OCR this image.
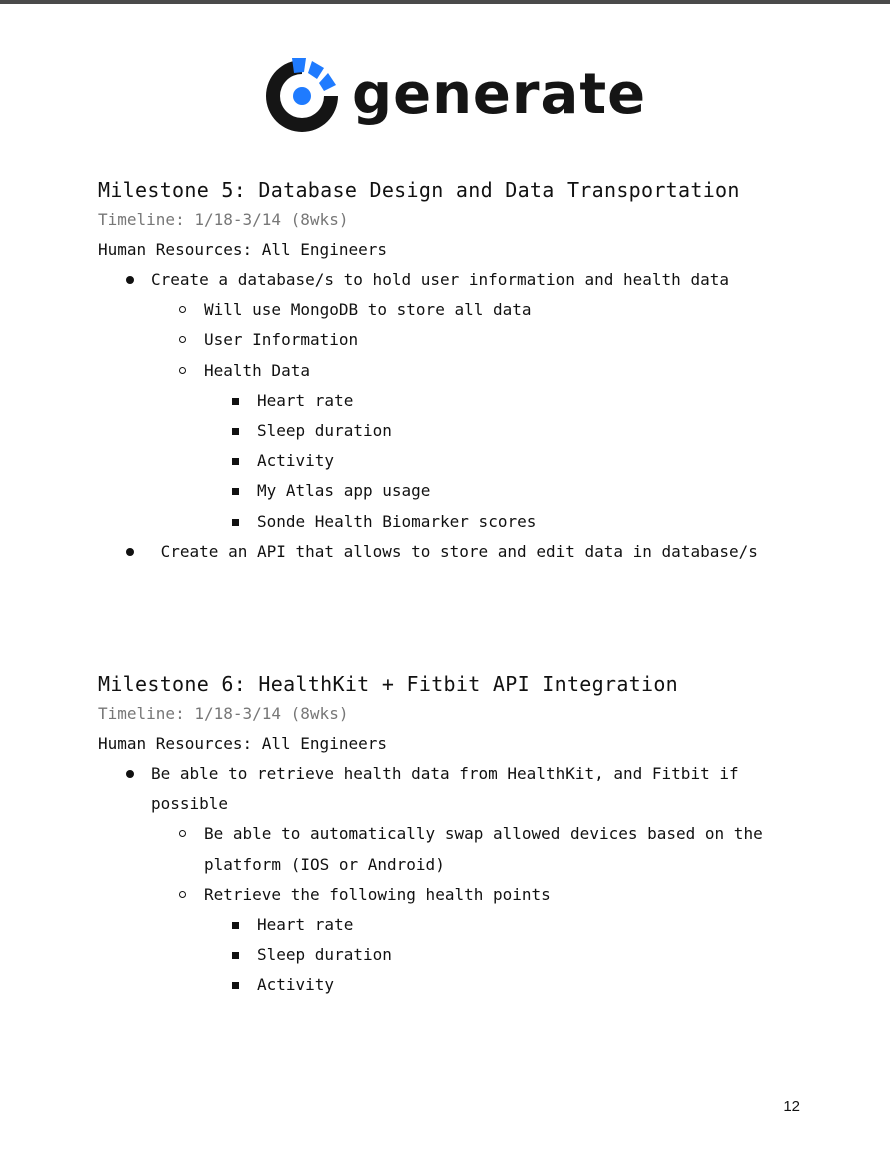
generate
Milestone 5: Database Design and Data Transportation
Timeline: 1/18-3/14 (8wks)
Human Resources: All Engineers
Create a database/s to hold user information and health data
Will use MongoDB to store all data
User Information
Health Data
Heart rate
Sleep duration
Activity
My Atlas app usage
Sonde Health Biomarker scores
Create an API that allows to store and edit data in database/s
Milestone 6: HealthKit + Fitbit API Integration
Timeline: 1/18-3/14 (8wks)
Human Resources: All Engineers
Be able to retrieve health data from HealthKit, and Fitbit if possible
Be able to automatically swap allowed devices based on the platform (IOS or Android)
Retrieve the following health points
Heart rate
Sleep duration
Activity
12
